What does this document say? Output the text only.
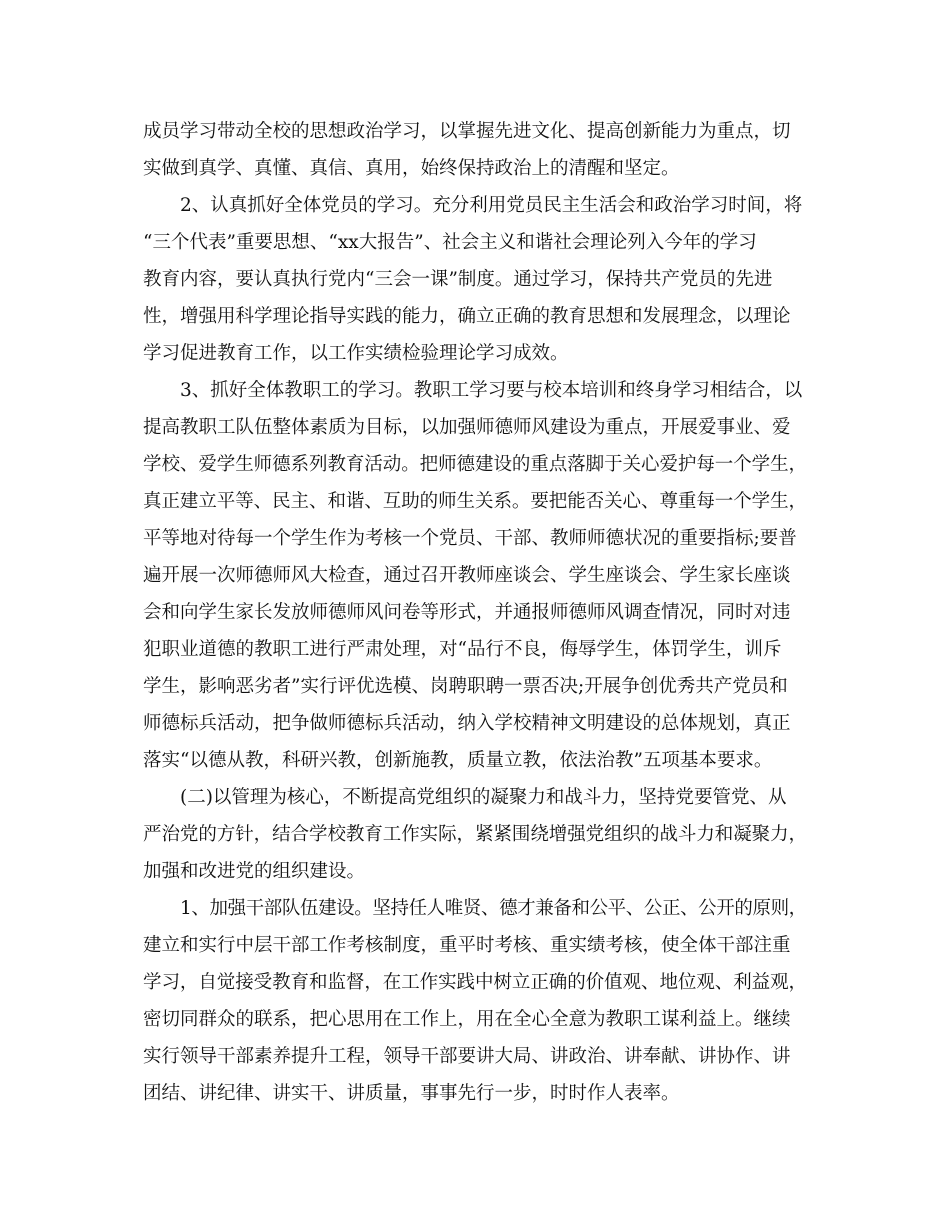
成员学习带动全校的思想政治学习，以掌握先进文化、提高创新能力为重点，切
实做到真学、真懂、真信、真用，始终保持政治上的清醒和坚定。
2、认真抓好全体党员的学习。充分利用党员民主生活会和政治学习时间，将
“三个代表”重要思想、“xx大报告”、社会主义和谐社会理论列入今年的学习
教育内容，要认真执行党内“三会一课”制度。通过学习，保持共产党员的先进
性，增强用科学理论指导实践的能力，确立正确的教育思想和发展理念，以理论
学习促进教育工作，以工作实绩检验理论学习成效。
3、抓好全体教职工的学习。教职工学习要与校本培训和终身学习相结合，以
提高教职工队伍整体素质为目标，以加强师德师风建设为重点，开展爱事业、爱
学校、爱学生师德系列教育活动。把师德建设的重点落脚于关心爱护每一个学生，
真正建立平等、民主、和谐、互助的师生关系。要把能否关心、尊重每一个学生，
平等地对待每一个学生作为考核一个党员、干部、教师师德状况的重要指标;要普
遍开展一次师德师风大检查，通过召开教师座谈会、学生座谈会、学生家长座谈
会和向学生家长发放师德师风问卷等形式，并通报师德师风调查情况，同时对违
犯职业道德的教职工进行严肃处理，对“品行不良，侮辱学生，体罚学生，训斥
学生，影响恶劣者”实行评优选模、岗聘职聘一票否决;开展争创优秀共产党员和
师德标兵活动，把争做师德标兵活动，纳入学校精神文明建设的总体规划，真正
落实“以德从教，科研兴教，创新施教，质量立教，依法治教”五项基本要求。
(二)以管理为核心，不断提高党组织的凝聚力和战斗力，坚持党要管党、从
严治党的方针，结合学校教育工作实际，紧紧围绕增强党组织的战斗力和凝聚力，
加强和改进党的组织建设。
1、加强干部队伍建设。坚持任人唯贤、德才兼备和公平、公正、公开的原则，
建立和实行中层干部工作考核制度，重平时考核、重实绩考核，使全体干部注重
学习，自觉接受教育和监督，在工作实践中树立正确的价值观、地位观、利益观，
密切同群众的联系，把心思用在工作上，用在全心全意为教职工谋利益上。继续
实行领导干部素养提升工程，领导干部要讲大局、讲政治、讲奉献、讲协作、讲
团结、讲纪律、讲实干、讲质量，事事先行一步，时时作人表率。
